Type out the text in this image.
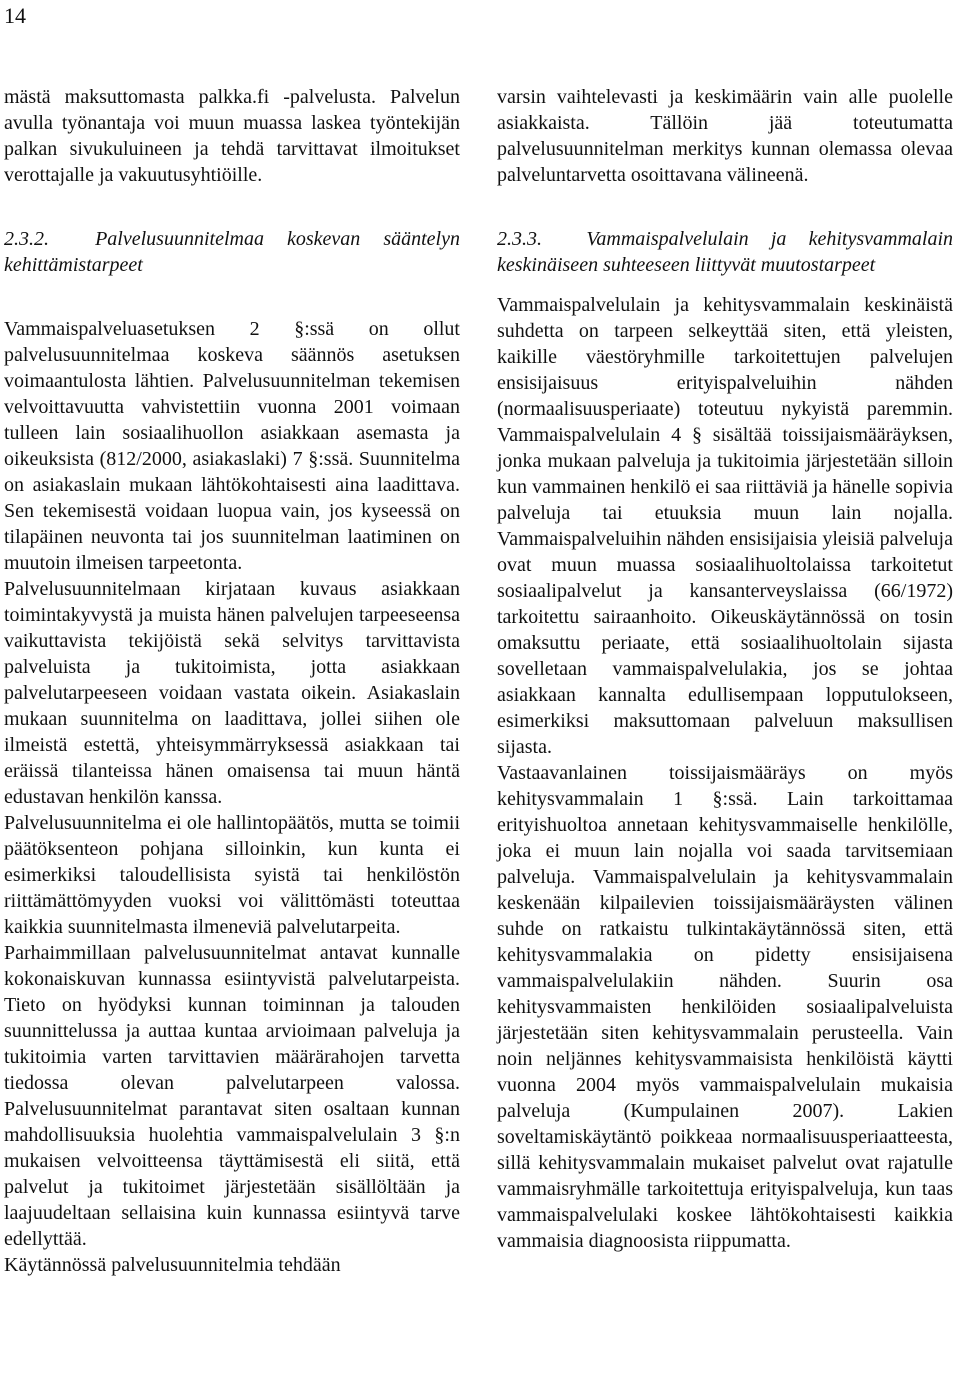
14

mästä maksuttomasta palkka.fi -palvelusta. Palvelun avulla työnantaja voi muun muassa laskea työntekijän palkan sivukuluineen ja tehdä tarvittavat ilmoitukset verottajalle ja vakuutusyhtiöille.

2.3.2. Palvelusuunnitelmaa koskevan sääntelyn kehittämistarpeet

Vammaispalveluasetuksen 2 §:ssä on ollut palvelusuunnitelmaa koskeva säännös asetuksen voimaantulosta lähtien. Palvelusuunnitelman tekemisen velvoittavuutta vahvistettiin vuonna 2001 voimaan tulleen lain sosiaalihuollon asiakkaan asemasta ja oikeuksista (812/2000, asiakaslaki) 7 §:ssä. Suunnitelma on asiakaslain mukaan lähtökohtaisesti aina laadittava. Sen tekemisestä voidaan luopua vain, jos kyseessä on tilapäinen neuvonta tai jos suunnitelman laatiminen on muutoin ilmeisen tarpeetonta.

Palvelusuunnitelmaan kirjataan kuvaus asiakkaan toimintakyvystä ja muista hänen palvelujen tarpeeseensa vaikuttavista tekijöistä sekä selvitys tarvittavista palveluista ja tukitoimista, jotta asiakkaan palvelutarpeeseen voidaan vastata oikein. Asiakaslain mukaan suunnitelma on laadittava, jollei siihen ole ilmeistä estettä, yhteisymmärryksessä asiakkaan tai eräissä tilanteissa hänen omaisensa tai muun häntä edustavan henkilön kanssa.

Palvelusuunnitelma ei ole hallintopäätös, mutta se toimii päätöksenteon pohjana silloinkin, kun kunta ei esimerkiksi taloudellisista syistä tai henkilöstön riittämättömyyden vuoksi voi välittömästi toteuttaa kaikkia suunnitelmasta ilmeneviä palvelutarpeita.

Parhaimmillaan palvelusuunnitelmat antavat kunnalle kokonaiskuvan kunnassa esiintyvistä palvelutarpeista. Tieto on hyödyksi kunnan toiminnan ja talouden suunnittelussa ja auttaa kuntaa arvioimaan palveluja ja tukitoimia varten tarvittavien määrärahojen tarvetta tiedossa olevan palvelutarpeen valossa. Palvelusuunnitelmat parantavat siten osaltaan kunnan mahdollisuuksia huolehtia vammaispalvelulain 3 §:n mukaisen velvoitteensa täyttämisestä eli siitä, että palvelut ja tukitoimet järjestetään sisällöltään ja laajuudeltaan sellaisina kuin kunnassa esiintyvä tarve edellyttää.

Käytännössä palvelusuunnitelmia tehdään

varsin vaihtelevasti ja keskimäärin vain alle puolelle asiakkaista. Tällöin jää toteutumatta palvelusuunnitelman merkitys kunnan olemassa olevaa palveluntarvetta osoittavana välineenä.

2.3.3. Vammaispalvelulain ja kehitysvammalain keskinäiseen suhteeseen liittyvät muutostarpeet

Vammaispalvelulain ja kehitysvammalain keskinäistä suhdetta on tarpeen selkeyttää siten, että yleisten, kaikille väestöryhmille tarkoitettujen palvelujen ensisijaisuus erityispalveluihin nähden (normaalisuusperiaate) toteutuu nykyistä paremmin. Vammaispalvelulain 4 § sisältää toissijaismääräyksen, jonka mukaan palveluja ja tukitoimia järjestetään silloin kun vammainen henkilö ei saa riittäviä ja hänelle sopivia palveluja tai etuuksia muun lain nojalla. Vammaispalveluihin nähden ensisijaisia yleisiä palveluja ovat muun muassa sosiaalihuoltolaissa tarkoitetut sosiaalipalvelut ja kansanterveyslaissa (66/1972) tarkoitettu sairaanhoito. Oikeuskäytännössä on tosin omaksuttu periaate, että sosiaalihuoltolain sijasta sovelletaan vammaispalvelulakia, jos se johtaa asiakkaan kannalta edullisempaan lopputulokseen, esimerkiksi maksuttomaan palveluun maksullisen sijasta.

Vastaavanlainen toissijaismääräys on myös kehitysvammalain 1 §:ssä. Lain tarkoittamaa erityishuoltoa annetaan kehitysvammaiselle henkilölle, joka ei muun lain nojalla voi saada tarvitsemiaan palveluja. Vammaispalvelulain ja kehitysvammalain keskenään kilpailevien toissijaismääräysten välinen suhde on ratkaistu tulkintakäytännössä siten, että kehitysvammalakia on pidetty ensisijaisena vammaispalvelulakiin nähden. Suurin osa kehitysvammaisten henkilöiden sosiaalipalveluista järjestetään siten kehitysvammalain perusteella. Vain noin neljännes kehitysvammaisista henkilöistä käytti vuonna 2004 myös vammaispalvelulain mukaisia palveluja (Kumpulainen 2007). Lakien soveltamiskäytäntö poikkeaa normaalisuusperiaatteesta, sillä kehitysvammalain mukaiset palvelut ovat rajatulle vammaisryhmälle tarkoitettuja erityispalveluja, kun taas vammaispalvelulaki koskee lähtökohtaisesti kaikkia vammaisia diagnoosista riippumatta.
